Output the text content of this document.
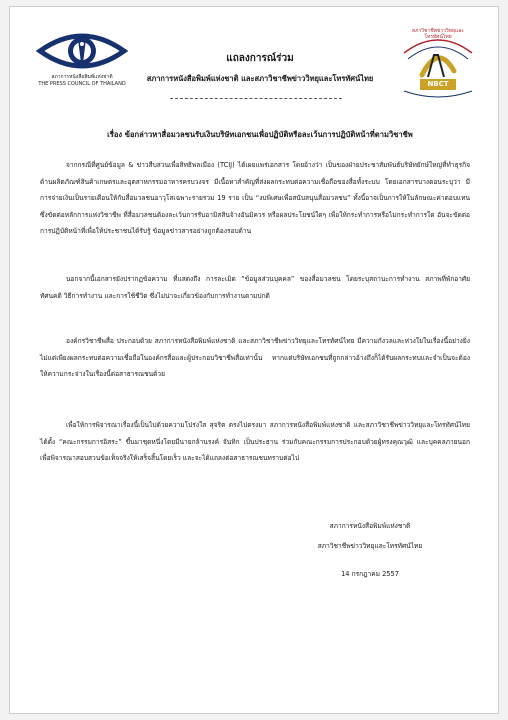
สภาการหนังสือพิมพ์แห่งชาติ
THE PRESS COUNCIL OF THAILAND
สภาวิชาชีพข่าววิทยุและโทรทัศน์ไทย
NBCT
แถลงการณ์ร่วม
สภาการหนังสือพิมพ์แห่งชาติ และสภาวิชาชีพข่าววิทยุและโทรทัศน์ไทย
เรื่อง ข้อกล่าวหาสื่อมวลชนรับเงินบริษัทเอกชนเพื่อปฏิบัติหรือละเว้นการปฏิบัติหน้าที่ตามวิชาชีพ
จากกรณีที่ศูนย์ข้อมูล & ข่าวสืบสวนเพื่อสิทธิพลเมือง (TCIJ) ได้เผยแพร่เอกสาร โดยอ้างว่า เป็นของฝ่ายประชาสัมพันธ์บริษัทยักษ์ใหญ่ที่ทำธุรกิจด้านผลิตภัณฑ์สินค้าเกษตรและอุตสาหกรรมอาหารครบวงจร มีเนื้อหาสำคัญที่ส่งผลกระทบต่อความเชื่อถือของสื่อทั้งระบบ โดยเอกสารบางตอนระบุว่า มีการจ่ายเงินเป็นรายเดือนให้กับสื่อมวลชนอาวุโสเฉพาะรายรวม 19 ราย เป็น “งบพิเศษเพื่อสนับสนุนสื่อมวลชน” ทั้งนี้อาจเป็นการให้ในลักษณะค่าตอบแทน ซึ่งขัดต่อหลักการแห่งวิชาชีพ ที่สื่อมวลชนต้องละเว้นการรับอามิสสินจ้างอันมิควร หรือผลประโยชน์ใดๆ เพื่อให้กระทำการหรือไม่กระทำการใด อันจะขัดต่อการปฏิบัติหน้าที่เพื่อให้ประชาชนได้รับรู้ ข้อมูลข่าวสารอย่างถูกต้องรอบด้าน
นอกจากนี้เอกสารยังปรากฏข้อความ ที่แสดงถึง การละเมิด “ข้อมูลส่วนบุคคล” ของสื่อมวลชน โดยระบุสถานะการทำงาน สภาพที่พักอาศัย ทัศนคติ วิธีการทำงาน และการใช้ชีวิต ซึ่งไม่น่าจะเกี่ยวข้องกับการทำงานตามปกติ
องค์กรวิชาชีพสื่อ ประกอบด้วย สภาการหนังสือพิมพ์แห่งชาติ และสภาวิชาชีพข่าววิทยุและโทรทัศน์ไทย มีความกังวลและห่วงใยในเรื่องนี้อย่างยิ่ง ไม่แต่เพียงผลกระทบต่อความเชื่อถือในองค์กรสื่อและผู้ประกอบวิชาชีพสื่อเท่านั้น หากแต่บริษัทเอกชนที่ถูกกล่าวอ้างถึงก็ได้รับผลกระทบและจำเป็นจะต้องให้ความกระจ่างในเรื่องนี้ต่อสาธารณชนด้วย
เพื่อให้การพิจารณาเรื่องนี้เป็นไปด้วยความโปร่งใส สุจริต ตรงไปตรงมา สภาการหนังสือพิมพ์แห่งชาติ และสภาวิชาชีพข่าววิทยุและโทรทัศน์ไทย ได้ตั้ง “คณะกรรมการอิสระ” ขึ้นมาชุดหนึ่งโดยมีนายกล้านรงค์ จันทิก เป็นประธาน ร่วมกับคณะกรรมการประกอบด้วยผู้ทรงคุณวุฒิ และบุคคลภายนอก เพื่อพิจารณาสอบสวนข้อเท็จจริงให้เสร็จสิ้นโดยเร็ว และจะได้แถลงต่อสาธารณชนทราบต่อไป
สภาการหนังสือพิมพ์แห่งชาติ
สภาวิชาชีพข่าววิทยุและโทรทัศน์ไทย
14 กรกฎาคม 2557
